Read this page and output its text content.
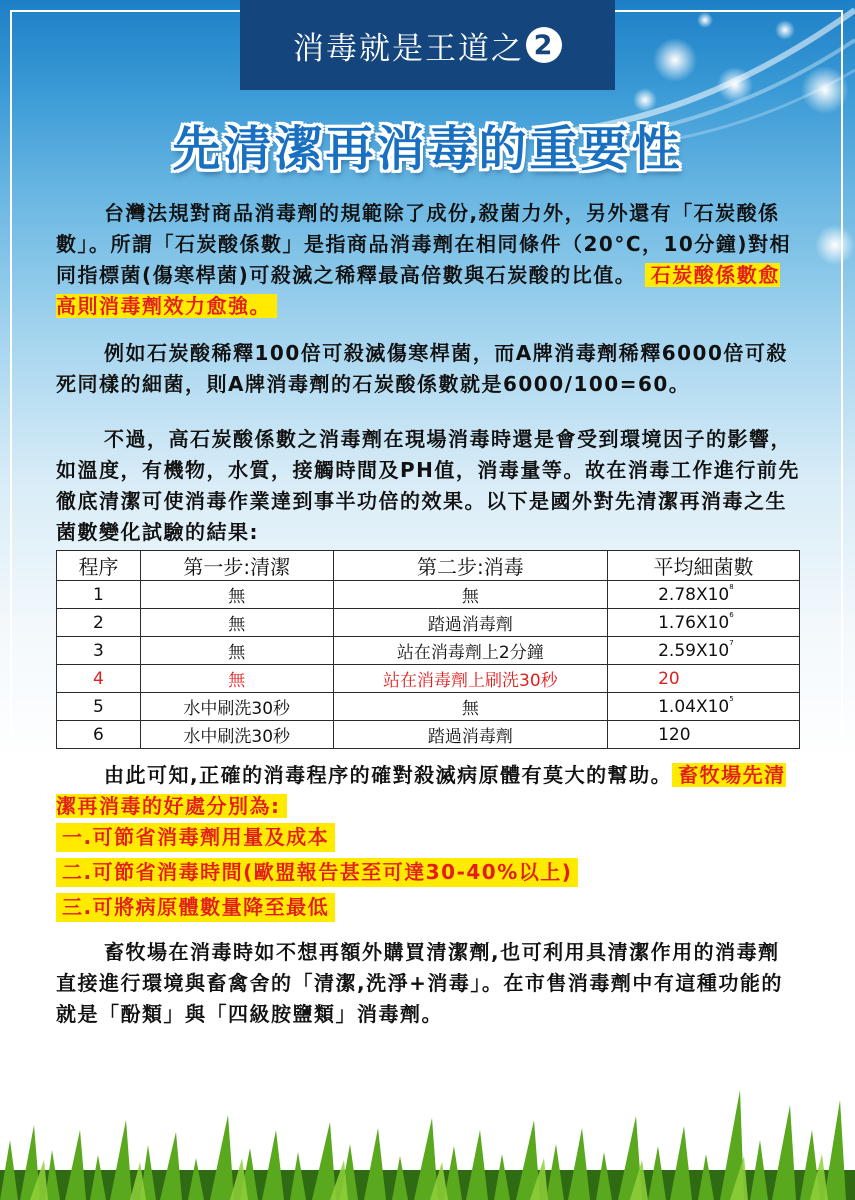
消毒就是王道之 2
先清潔再消毒的重要性

台灣法規對商品消毒劑的規範除了成份,殺菌力外，另外還有「石炭酸係數」。所謂「石炭酸係數」是指商品消毒劑在相同條件（20°C，10分鐘)對相同指標菌(傷寒桿菌)可殺滅之稀釋最高倍數與石炭酸的比值。 石炭酸係數愈高則消毒劑效力愈強。

例如石炭酸稀釋100倍可殺滅傷寒桿菌，而A牌消毒劑稀釋6000倍可殺死同樣的細菌，則A牌消毒劑的石炭酸係數就是6000/100=60。

不過，高石炭酸係數之消毒劑在現場消毒時還是會受到環境因子的影響，如溫度，有機物，水質，接觸時間及PH值，消毒量等。故在消毒工作進行前先徹底清潔可使消毒作業達到事半功倍的效果。以下是國外對先清潔再消毒之生菌數變化試驗的結果:

程序	第一步:清潔	第二步:消毒	平均細菌數
1	無	無	$2.78X10^8$
2	無	踏過消毒劑	$1.76X10^6$
3	無	站在消毒劑上2分鐘	$2.59X10^7$
4	無	站在消毒劑上刷洗30秒	20
5	水中刷洗30秒	無	$1.04X10^5$
6	水中刷洗30秒	踏過消毒劑	120

由此可知,正確的消毒程序的確對殺滅病原體有莫大的幫助。 畜牧場先清潔再消毒的好處分別為:

一.可節省消毒劑用量及成本
二.可節省消毒時間(歐盟報告甚至可達30-40%以上)
三.可將病原體數量降至最低

畜牧場在消毒時如不想再額外購買清潔劑,也可利用具清潔作用的消毒劑直接進行環境與畜禽舍的「清潔,洗淨+消毒」。在市售消毒劑中有這種功能的就是「酚類」與「四級胺鹽類」消毒劑。
